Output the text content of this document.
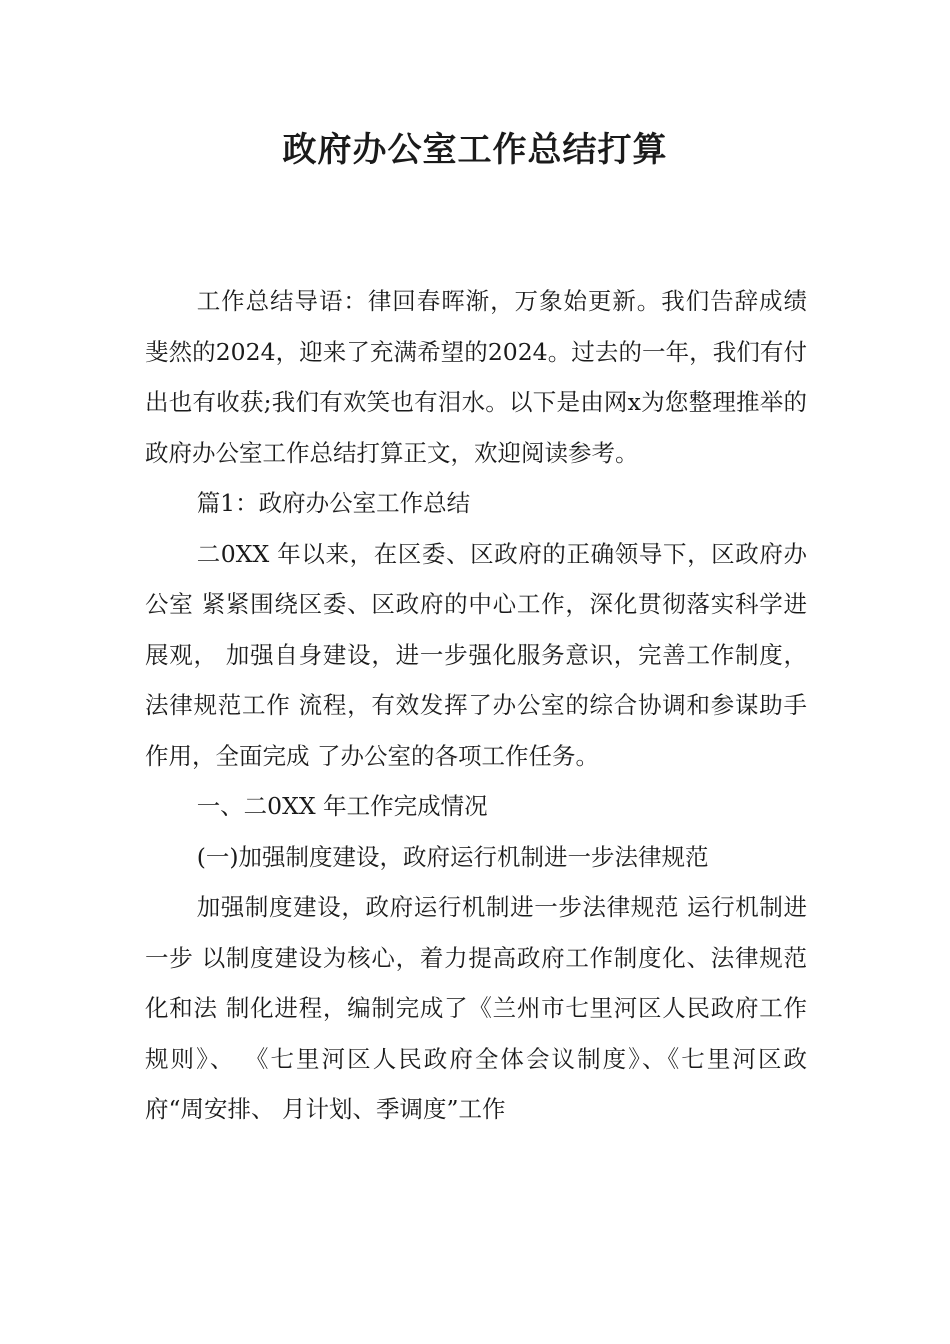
政府办公室工作总结打算

工作总结导语：律回春晖渐，万象始更新。我们告辞成绩斐然的2024，迎来了充满希望的2024。过去的一年，我们有付出也有收获;我们有欢笑也有泪水。以下是由网x为您整理推举的政府办公室工作总结打算正文，欢迎阅读参考。

篇1：政府办公室工作总结

二0XX 年以来，在区委、区政府的正确领导下，区政府办公室 紧紧围绕区委、区政府的中心工作，深化贯彻落实科学进展观， 加强自身建设，进一步强化服务意识，完善工作制度，法律规范工作 流程，有效发挥了办公室的综合协调和参谋助手作用，全面完成 了办公室的各项工作任务。

一、二0XX 年工作完成情况

(一)加强制度建设，政府运行机制进一步法律规范

加强制度建设，政府运行机制进一步法律规范 运行机制进一步 以制度建设为核心，着力提高政府工作制度化、法律规范化和法 制化进程，编制完成了《兰州市七里河区人民政府工作规则》、 《七里河区人民政府全体会议制度》、《七里河区政府“周安排、 月计划、季调度”工作
